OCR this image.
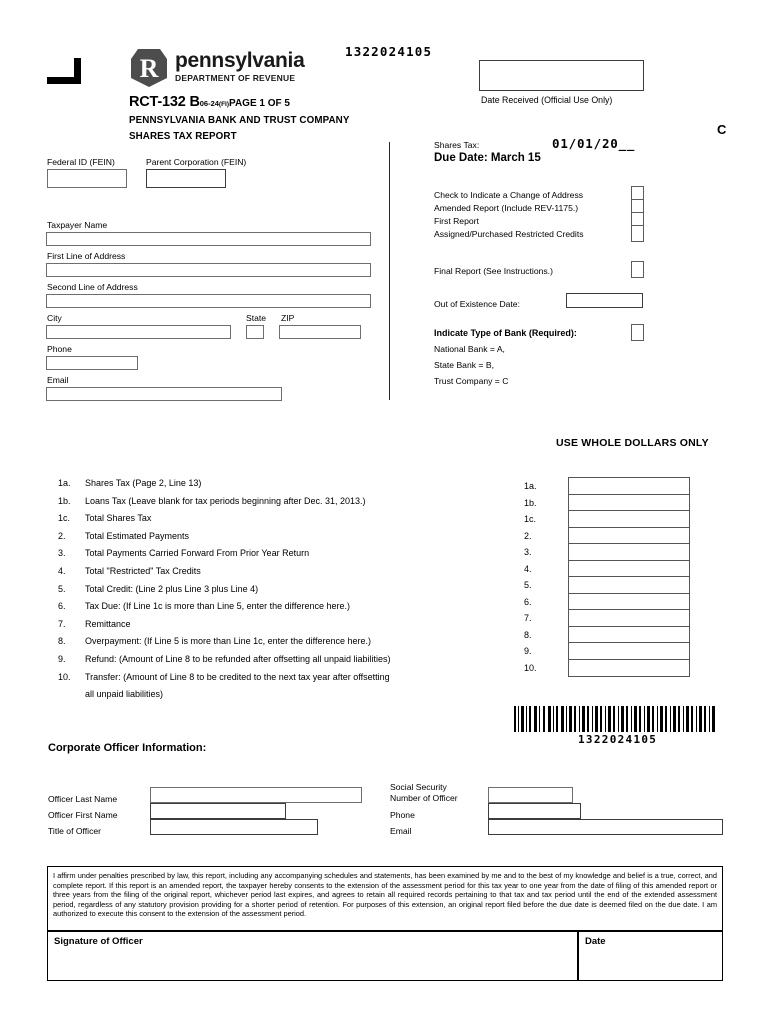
R pennsylvania
DEPARTMENT OF REVENUE
1322024105
RCT-132 B06-24(FI)PAGE 1 OF 5
PENNSYLVANIA BANK AND TRUST COMPANY
SHARES TAX REPORT
Federal ID (FEIN)	Parent Corporation (FEIN)
Taxpayer Name
First Line of Address
Second Line of Address
City	State ZIP
Phone
Email
Date Received (Official Use Only)
C
Shares Tax:	01/01/20__
Due Date: March 15
Check to Indicate a Change of Address
Amended Report (Include REV-1175.)
First Report
Assigned/Purchased Restricted Credits
Final Report (See Instructions.)
Out of Existence Date:
Indicate Type of Bank (Required):
National Bank = A,
State Bank = B,
Trust Company = C
USE WHOLE DOLLARS ONLY
1a.	Shares Tax (Page 2, Line 13)
1b.	Loans Tax (Leave blank for tax periods beginning after Dec. 31, 2013.)
1c.	Total Shares Tax
2.	Total Estimated Payments
3.	Total Payments Carried Forward From Prior Year Return
4.	Total "Restricted" Tax Credits
5.	Total Credit: (Line 2 plus Line 3 plus Line 4)
6.	Tax Due: (If Line 1c is more than Line 5, enter the difference here.)
7.	Remittance
8.	Overpayment: (If Line 5 is more than Line 1c, enter the difference here.)
9.	Refund: (Amount of Line 8 to be refunded after offsetting all unpaid liabilities)
10.	Transfer: (Amount of Line 8 to be credited to the next tax year after offsetting
all unpaid liabilities)
1a.
1b.
1c.
2.
3.
4.
5.
6.
7.
8.
9.
10.
1322024105
Corporate Officer Information:
Officer Last Name
Officer First Name
Title of Officer
Social Security
Number of Officer
Phone
Email
I affirm under penalties prescribed by law, this report, including any accompanying schedules and statements, has been examined by me and to the best of my knowledge and belief is a true, correct, and complete report. If this report is an amended report, the taxpayer hereby consents to the extension of the assessment period for this tax year to one year from the date of filing of this amended report or three years from the filing of the original report, whichever period last expires, and agrees to retain all required records pertaining to that tax and tax period until the end of the extended assessment period, regardless of any statutory provision providing for a shorter period of retention. For purposes of this extension, an original report filed before the due date is deemed filed on the due date. I am authorized to execute this consent to the extension of the assessment period.
Signature of Officer	Date
